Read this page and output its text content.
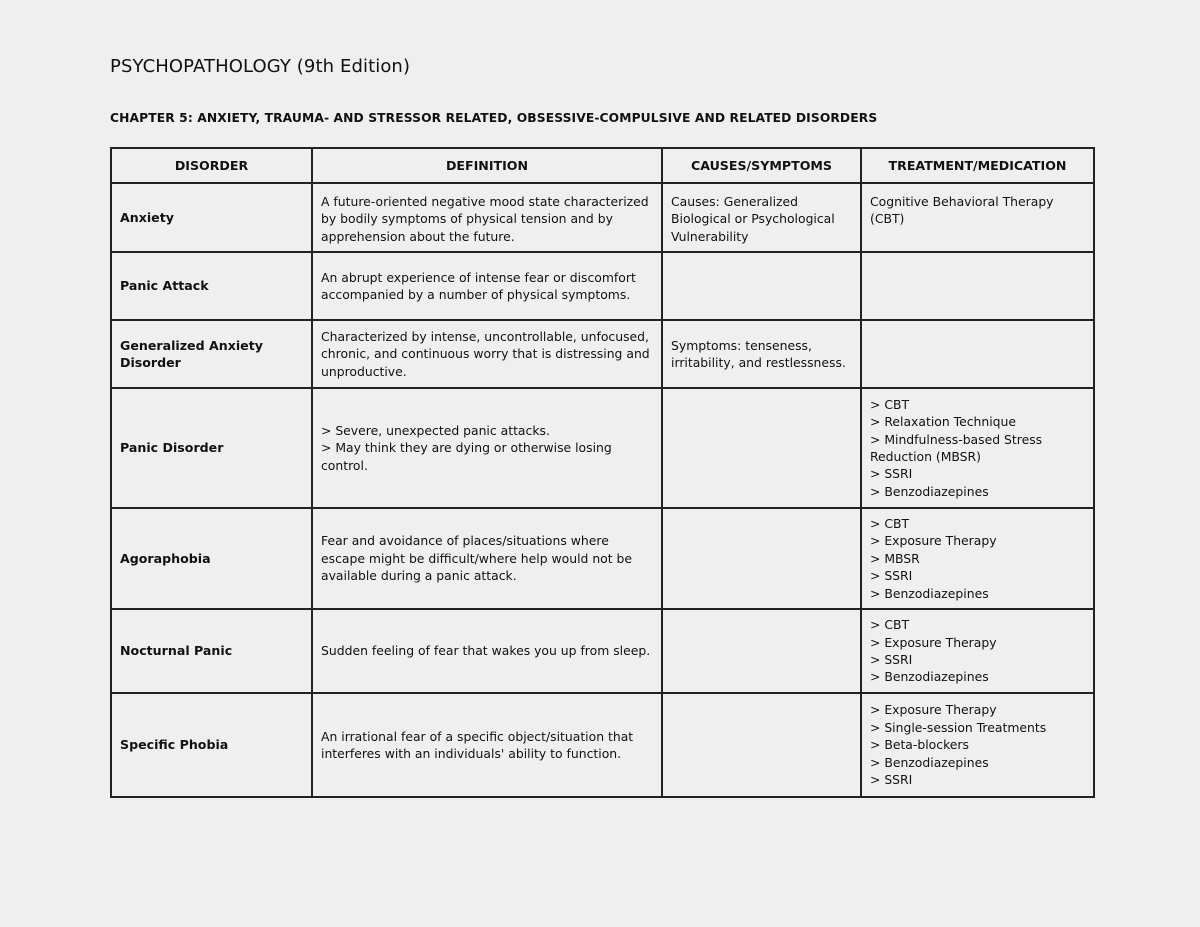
PSYCHOPATHOLOGY (9th Edition)
CHAPTER 5: ANXIETY, TRAUMA- AND STRESSOR RELATED, OBSESSIVE-COMPULSIVE AND RELATED DISORDERS
DISORDER	DEFINITION	CAUSES/SYMPTOMS	TREATMENT/MEDICATION
Anxiety	A future-oriented negative mood state characterized by bodily symptoms of physical tension and by apprehension about the future.	Causes: Generalized Biological or Psychological Vulnerability	Cognitive Behavioral Therapy (CBT)

Panic Attack	An abrupt experience of intense fear or discomfort accompanied by a number of physical symptoms.		

Generalized Anxiety Disorder	Characterized by intense, uncontrollable, unfocused, chronic, and continuous worry that is distressing and unproductive.	Symptoms: tenseness, irritability, and restlessness.	

Panic Disorder	> Severe, unexpected panic attacks.
> May think they are dying or otherwise losing control.		> CBT
> Relaxation Technique
> Mindfulness-based Stress Reduction (MBSR)
> SSRI
> Benzodiazepines

Agoraphobia	Fear and avoidance of places/situations where escape might be difficult/where help would not be available during a panic attack.		> CBT
> Exposure Therapy
> MBSR
> SSRI
> Benzodiazepines

Nocturnal Panic	Sudden feeling of fear that wakes you up from sleep.		> CBT
> Exposure Therapy
> SSRI
> Benzodiazepines

Specific Phobia	An irrational fear of a specific object/situation that interferes with an individuals' ability to function.		> Exposure Therapy
> Single-session Treatments
> Beta-blockers
> Benzodiazepines
> SSRI
